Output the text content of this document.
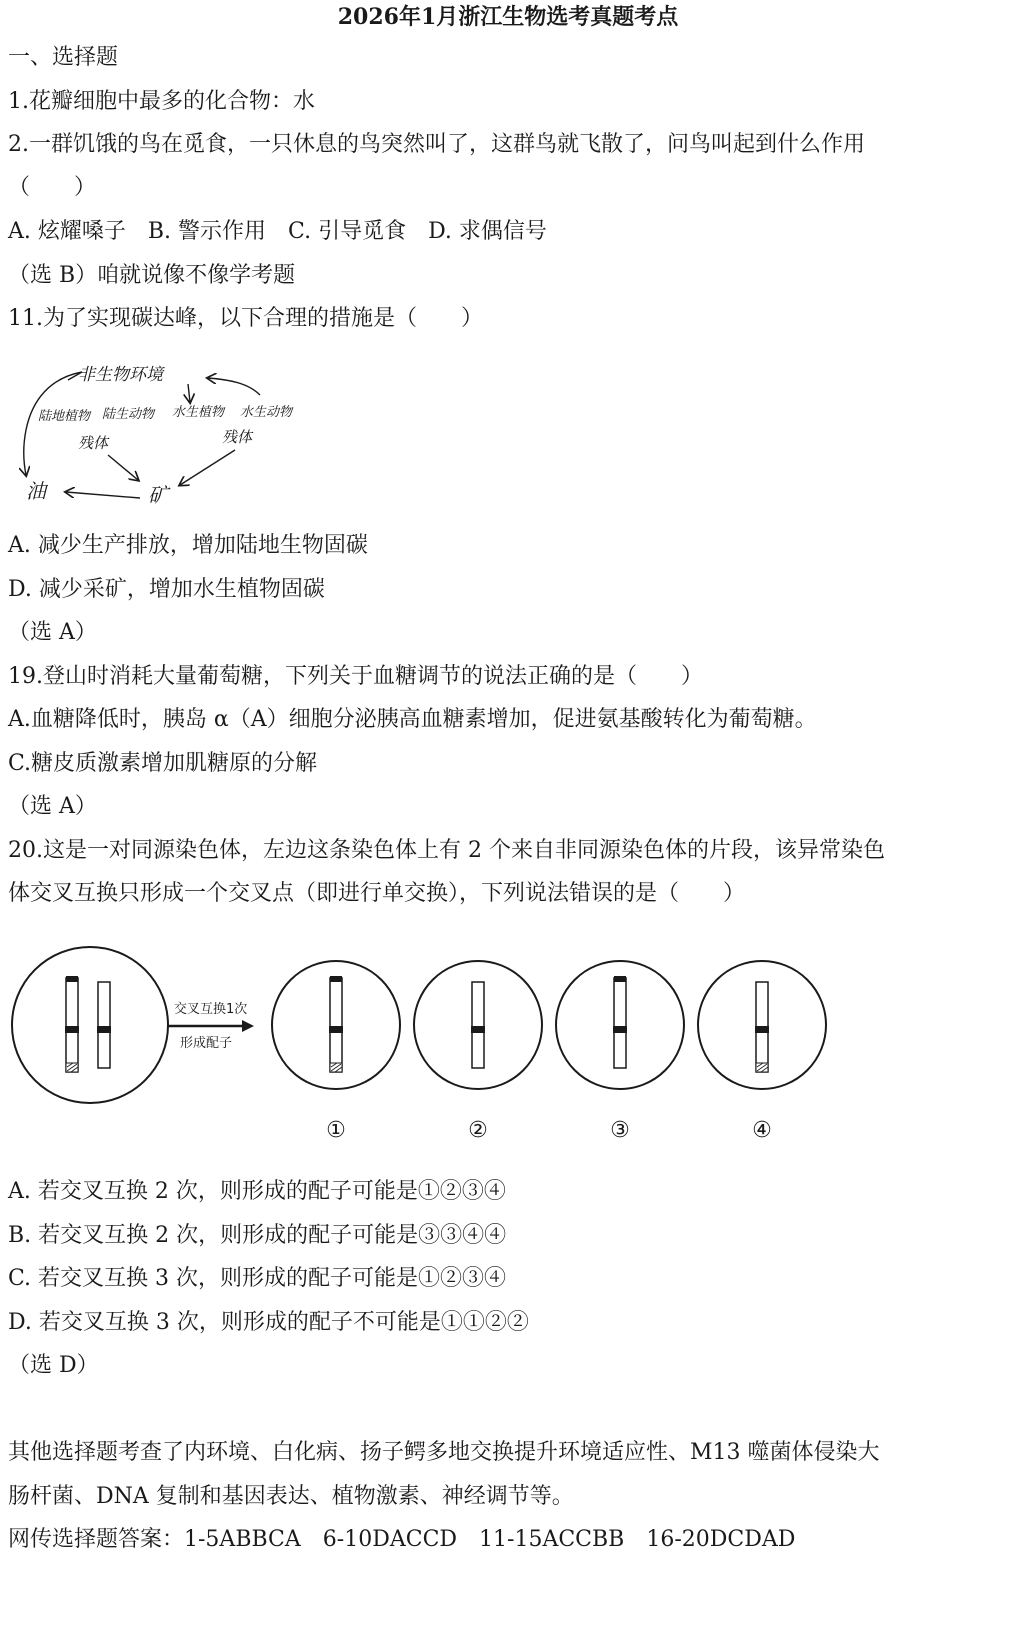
2026年1月浙江生物选考真题考点
一、选择题
1.花瓣细胞中最多的化合物：水
2.一群饥饿的鸟在觅食，一只休息的鸟突然叫了，这群鸟就飞散了，问鸟叫起到什么作用
（　　）
A. 炫耀嗓子　B. 警示作用　C. 引导觅食　D. 求偶信号
（选 B）咱就说像不像学考题
11.为了实现碳达峰，以下合理的措施是（　　）
非生物环境
陆地植物 陆生动物 水生植物 水生动物
残体	残体
矿
油
A. 减少生产排放，增加陆地生物固碳
D. 减少采矿，增加水生植物固碳
（选 A）
19.登山时消耗大量葡萄糖，下列关于血糖调节的说法正确的是（　　）
A.血糖降低时，胰岛 α（A）细胞分泌胰高血糖素增加，促进氨基酸转化为葡萄糖。
C.糖皮质激素增加肌糖原的分解
（选 A）
20.这是一对同源染色体，左边这条染色体上有 2 个来自非同源染色体的片段，该异常染色
体交叉互换只形成一个交叉点（即进行单交换），下列说法错误的是（　　）
交叉互换1次
形成配子
①	②	③	④
A. 若交叉互换 2 次，则形成的配子可能是①②③④
B. 若交叉互换 2 次，则形成的配子可能是③③④④
C. 若交叉互换 3 次，则形成的配子可能是①②③④
D. 若交叉互换 3 次，则形成的配子不可能是①①②②
（选 D）
其他选择题考查了内环境、白化病、扬子鳄多地交换提升环境适应性、M13 噬菌体侵染大
肠杆菌、DNA 复制和基因表达、植物激素、神经调节等。
网传选择题答案：1-5ABBCA　6-10DACCD　11-15ACCBB　16-20DCDAD
